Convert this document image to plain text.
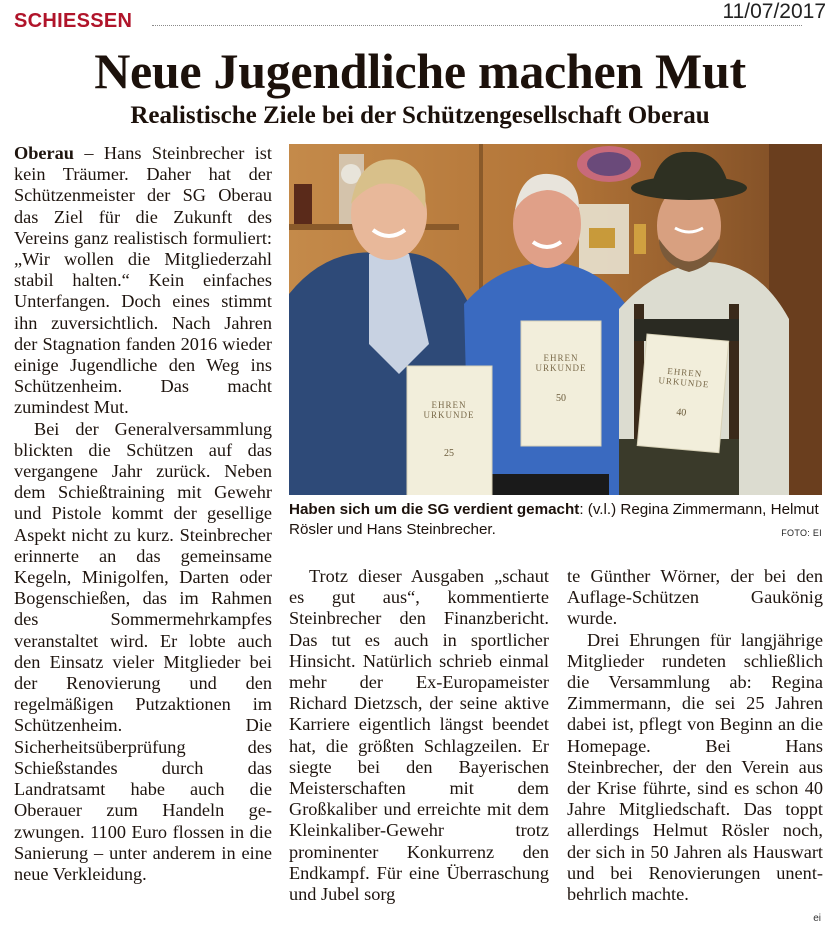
SCHIESSEN	11/07/2017
Neue Jugendliche machen Mut
Realistische Ziele bei der Schützengesellschaft Oberau

Oberau – Hans Steinbrecher ist kein Träumer. Daher hat der Schützenmeister der SG Oberau das Ziel für die Zukunft des Vereins ganz realistisch formuliert: „Wir wollen die Mitgliederzahl stabil halten.“ Kein einfaches Unterfangen. Doch eines stimmt ihn zuversichtlich. Nach Jahren der Stagnation fanden 2016 wieder einige Jugendliche den Weg ins Schützenheim. Das macht zumindest Mut.

Bei der Generalversammlung blickten die Schützen auf das vergangene Jahr zurück. Neben dem Schießtraining mit Gewehr und Pistole kommt der gesellige Aspekt nicht zu kurz. Steinbrecher erinnerte an das gemeinsame Kegeln, Minigolfen, Darten oder Bogenschießen, das im Rahmen des Sommermehrkampfes veranstaltet wird. Er lobte auch den Einsatz vieler Mitglieder bei der Renovierung und den regelmäßigen Putzaktionen im Schützenheim. Die Sicherheitsüberprüfung des Schießstandes durch das Landratsamt habe auch die Oberauer zum Handeln gezwungen. 1100 Euro flossen in die Sanierung – unter anderem in eine neue Verkleidung.

EHREN
URKUNDE
25
EHREN
URKUNDE
50
EHREN
URKUNDE
40
Haben sich um die SG verdient gemacht: (v.l.) Regina Zimmermann, Helmut Rösler und Hans Steinbrecher.	FOTO: EI

Trotz dieser Ausgaben „schaut es gut aus“, kommentierte Steinbrecher den Finanzbericht. Das tut es auch in sportlicher Hinsicht. Natürlich schrieb einmal mehr der Ex-Europameister Richard Dietzsch, der seine aktive Karriere eigentlich längst beendet hat, die größten Schlagzeilen. Er siegte bei den Bayerischen Meisterschaften mit dem Großkaliber und erreichte mit dem Kleinkaliber-Gewehr trotz prominenter Konkurrenz den Endkampf. Für eine Überraschung und Jubel sorg

te Günther Wörner, der bei den Auflage-Schützen Gaukönig wurde.

Drei Ehrungen für langjährige Mitglieder rundeten schließlich die Versammlung ab: Regina Zimmermann, die sei 25 Jahren dabei ist, pflegt von Beginn an die Homepage. Bei Hans Steinbrecher, der den Verein aus der Krise führte, sind es schon 40 Jahre Mitgliedschaft. Das toppt allerdings Helmut Rösler noch, der sich in 50 Jahren als Hauswart und bei Renovierungen unentbehrlich machte.

ei
